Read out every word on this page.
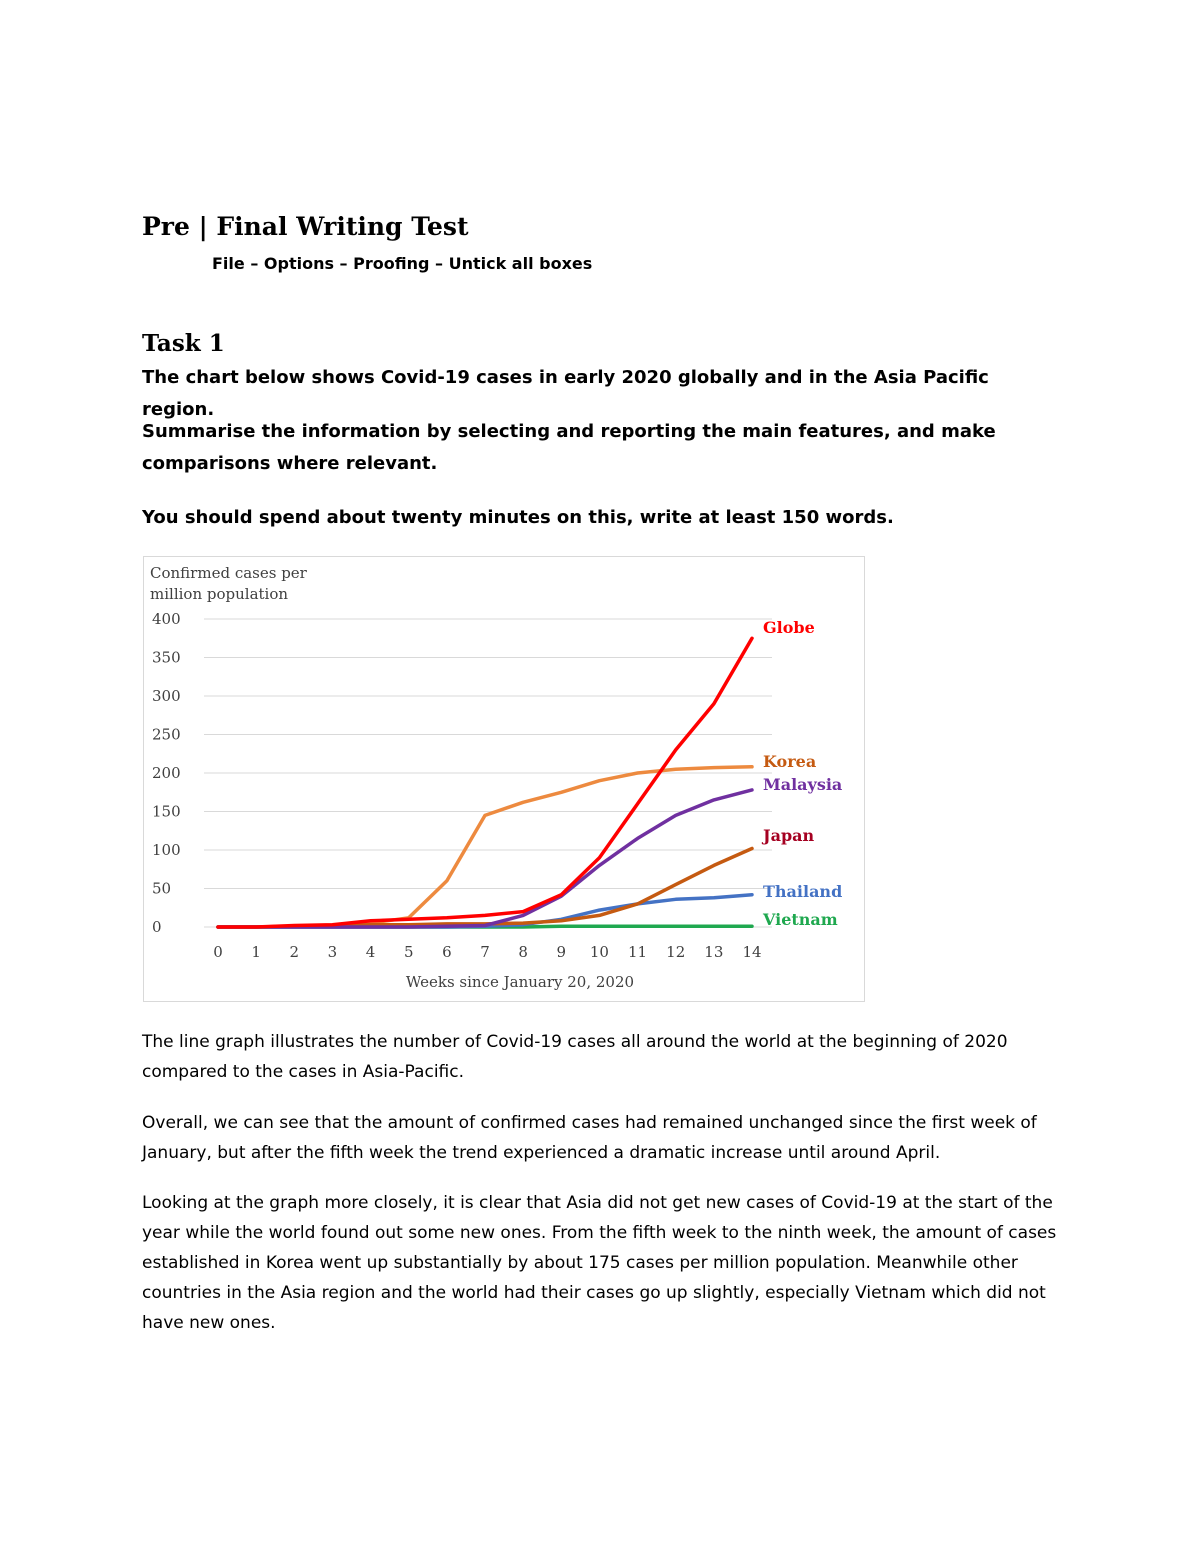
Pre | Final Writing Test

File – Options – Proofing – Untick all boxes

Task 1

The chart below shows Covid-19 cases in early 2020 globally and in the Asia Pacific region.

Summarise the information by selecting and reporting the main features, and make comparisons where relevant.

You should spend about twenty minutes on this, write at least 150 words.

Confirmed cases per
million population
Weeks since January 20, 2020
0
50
100
150
200
250
300
350
400
0 1 2 3 4 5 6 7 8 9 10 11 12 13 14
Korea
Vietnam
Thailand
Japan
Malaysia
Globe

The line graph illustrates the number of Covid-19 cases all around the world at the beginning of 2020 compared to the cases in Asia-Pacific.

Overall, we can see that the amount of confirmed cases had remained unchanged since the first week of January, but after the fifth week the trend experienced a dramatic increase until around April.

Looking at the graph more closely, it is clear that Asia did not get new cases of Covid-19 at the start of the year while the world found out some new ones. From the fifth week to the ninth week, the amount of cases established in Korea went up substantially by about 175 cases per million population. Meanwhile other countries in the Asia region and the world had their cases go up slightly, especially Vietnam which did not have new ones.
